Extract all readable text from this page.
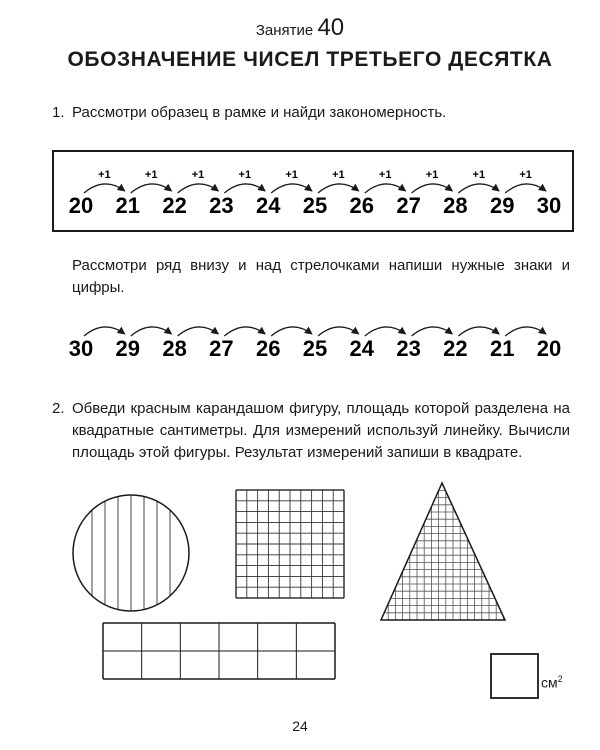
Занятие 40
ОБОЗНАЧЕНИЕ ЧИСЕЛ ТРЕТЬЕГО ДЕСЯТКА
1. Рассмотри образец в рамке и найди закономерность.
20
+1
21
+1
22
+1
23
+1
24
+1
25
+1
26
+1
27
+1
28
+1
29
+1
30
Рассмотри ряд внизу и над стрелочками напиши нужные знаки и цифры.
30 29 28 27 26 25 24 23 22 21 20
2. Обведи красным карандашом фигуру, площадь которой разделена на квадратные сантиметры. Для измерений используй линейку. Вычисли площадь этой фигуры. Результат измерений запиши в квадрате.
$см^2$
24
